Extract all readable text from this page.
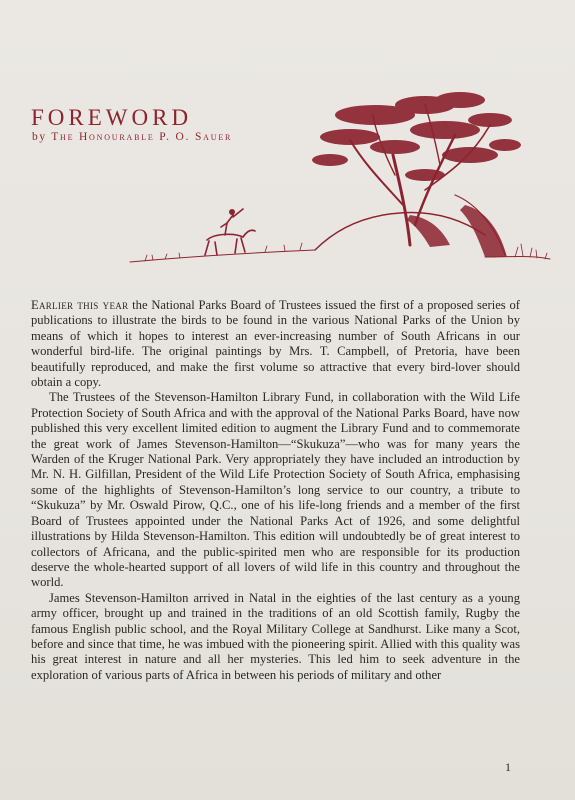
FOREWORD
by The Honourable P. O. Sauer

Earlier this year the National Parks Board of Trustees issued the first of a proposed series of publications to illustrate the birds to be found in the various National Parks of the Union by means of which it hopes to interest an ever-increasing number of South Africans in our wonderful bird-life. The original paintings by Mrs. T. Campbell, of Pretoria, have been beautifully reproduced, and make the first volume so attractive that every bird-lover should obtain a copy.

The Trustees of the Stevenson-Hamilton Library Fund, in collaboration with the Wild Life Protection Society of South Africa and with the approval of the National Parks Board, have now published this very excellent limited edition to augment the Library Fund and to commemorate the great work of James Stevenson-Hamilton—“Skukuza”—who was for many years the Warden of the Kruger National Park. Very appropriately they have included an introduction by Mr. N. H. Gilfillan, President of the Wild Life Protection Society of South Africa, emphasising some of the highlights of Stevenson-Hamilton’s long service to our country, a tribute to “Skukuza” by Mr. Oswald Pirow, Q.C., one of his life-long friends and a member of the first Board of Trustees appointed under the National Parks Act of 1926, and some delightful illustrations by Hilda Stevenson-Hamilton. This edition will undoubtedly be of great interest to collectors of Africana, and the public-spirited men who are responsible for its production deserve the whole-hearted support of all lovers of wild life in this country and throughout the world.

James Stevenson-Hamilton arrived in Natal in the eighties of the last century as a young army officer, brought up and trained in the traditions of an old Scottish family, Rugby the famous English public school, and the Royal Military College at Sandhurst. Like many a Scot, before and since that time, he was imbued with the pioneering spirit. Allied with this quality was his great interest in nature and all her mysteries. This led him to seek adventure in the exploration of various parts of Africa in between his periods of military and other

1
